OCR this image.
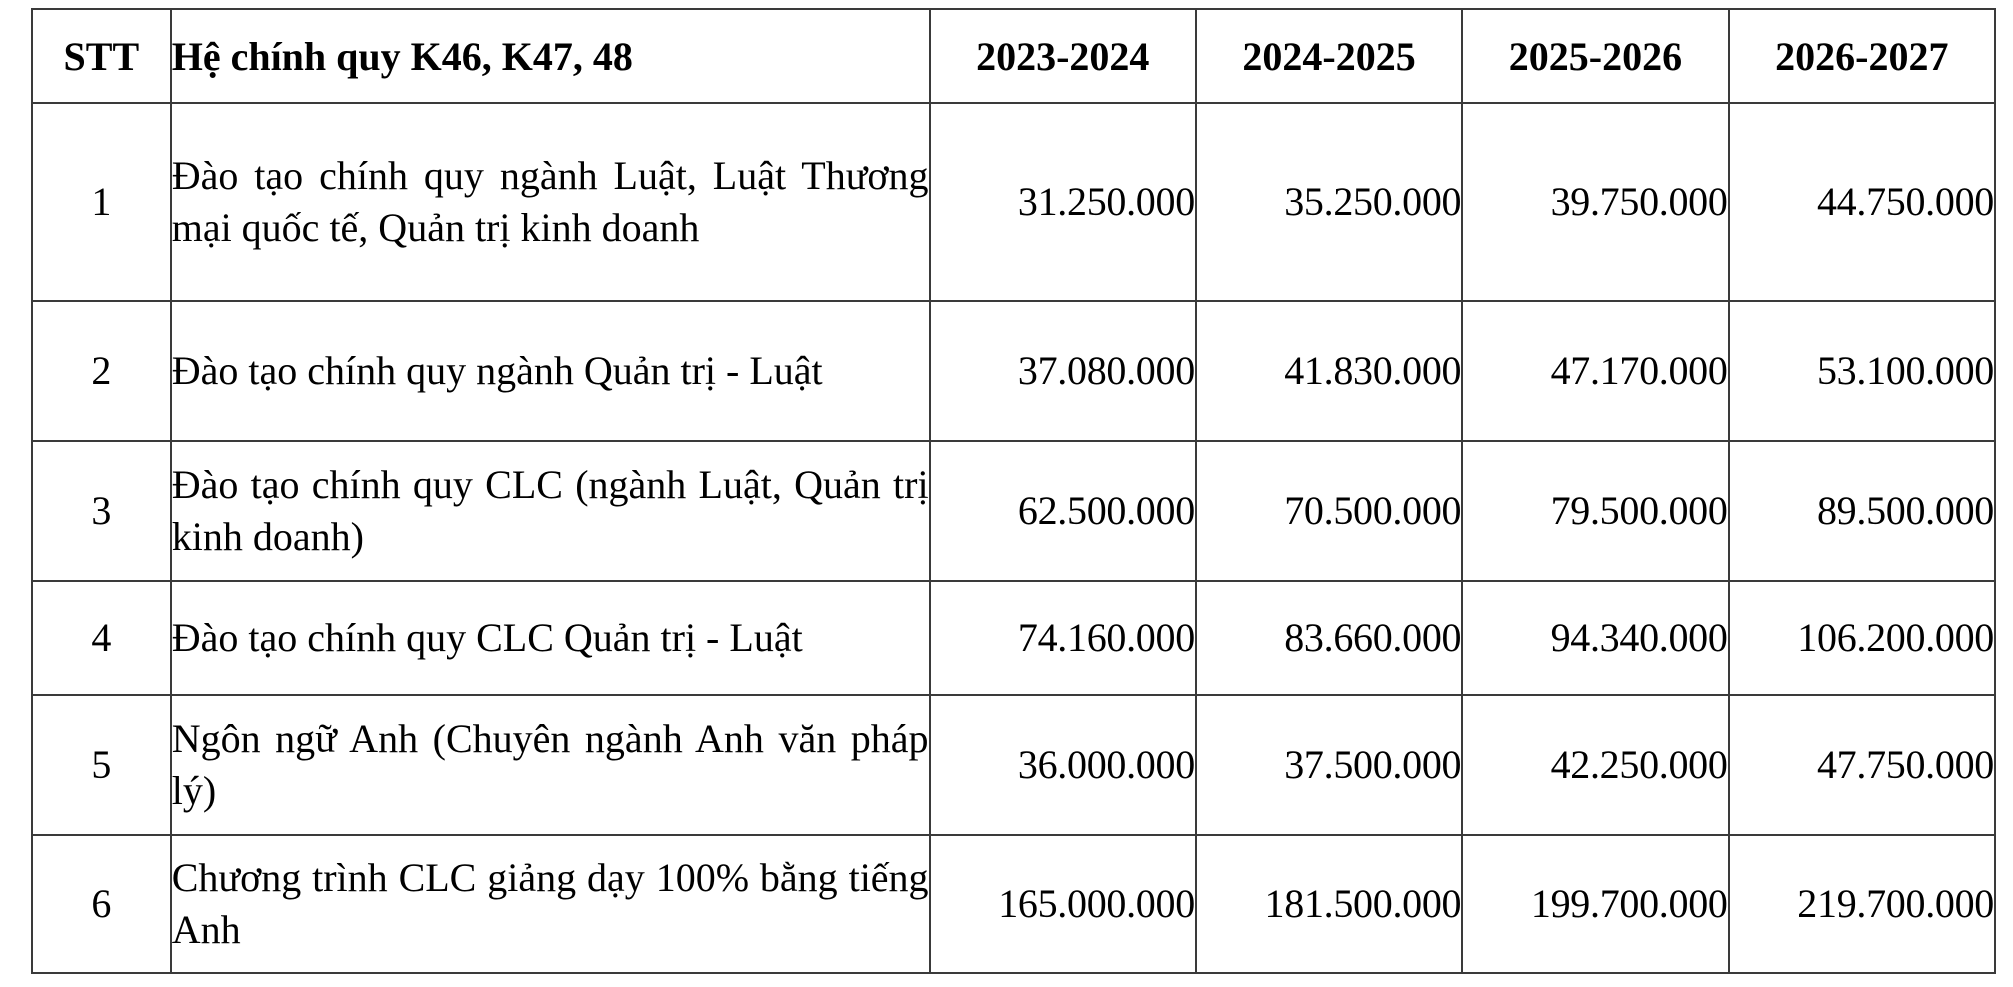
STT	Hệ chính quy K46, K47, 48	2023-2024	2024-2025	2025-2026	2026-2027
1	Đào tạo chính quy ngành Luật, Luật Thương mại quốc tế, Quản trị kinh doanh	31.250.000	35.250.000	39.750.000	44.750.000
2	Đào tạo chính quy ngành Quản trị - Luật	37.080.000	41.830.000	47.170.000	53.100.000
3	Đào tạo chính quy CLC (ngành Luật, Quản trị kinh doanh)	62.500.000	70.500.000	79.500.000	89.500.000
4	Đào tạo chính quy CLC Quản trị - Luật	74.160.000	83.660.000	94.340.000	106.200.000
5	Ngôn ngữ Anh (Chuyên ngành Anh văn pháp lý)	36.000.000	37.500.000	42.250.000	47.750.000
6	Chương trình CLC giảng dạy 100% bằng tiếng Anh	165.000.000	181.500.000	199.700.000	219.700.000
